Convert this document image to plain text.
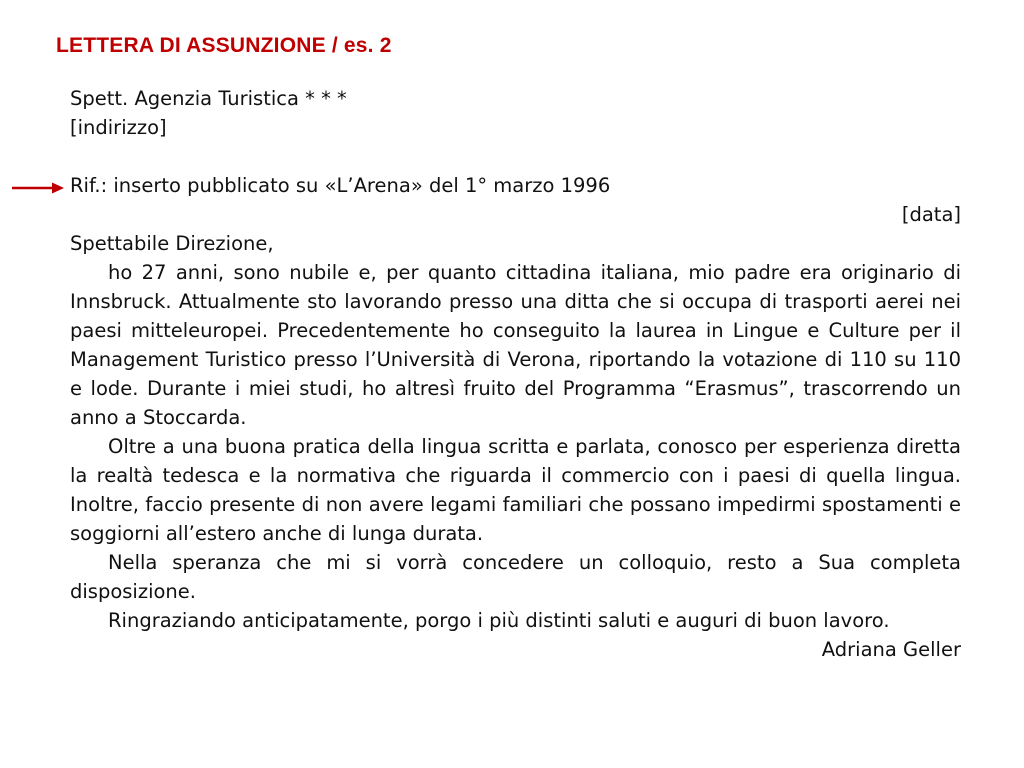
LETTERA DI ASSUNZIONE / es. 2

Spett. Agenzia Turistica * * *

[indirizzo]

Rif.: inserto pubblicato su «L’Arena» del 1° marzo 1996

[data]

Spettabile Direzione,

ho 27 anni, sono nubile e, per quanto cittadina italiana, mio padre era originario di Innsbruck. Attualmente sto lavorando presso una ditta che si occupa di trasporti aerei nei paesi mitteleuropei. Precedentemente ho conseguito la laurea in Lingue e Culture per il Management Turistico presso l’Università di Verona, riportando la votazione di 110 su 110 e lode. Durante i miei studi, ho altresì fruito del Programma “Erasmus”, trascorrendo un anno a Stoccarda.

Oltre a una buona pratica della lingua scritta e parlata, conosco per esperienza diretta la realtà tedesca e la normativa che riguarda il commercio con i paesi di quella lingua. Inoltre, faccio presente di non avere legami familiari che possano impedirmi spostamenti e soggiorni all’estero anche di lunga durata.

Nella speranza che mi si vorrà concedere un colloquio, resto a Sua completa disposizione.

Ringraziando anticipatamente, porgo i più distinti saluti e auguri di buon lavoro.

Adriana Geller
